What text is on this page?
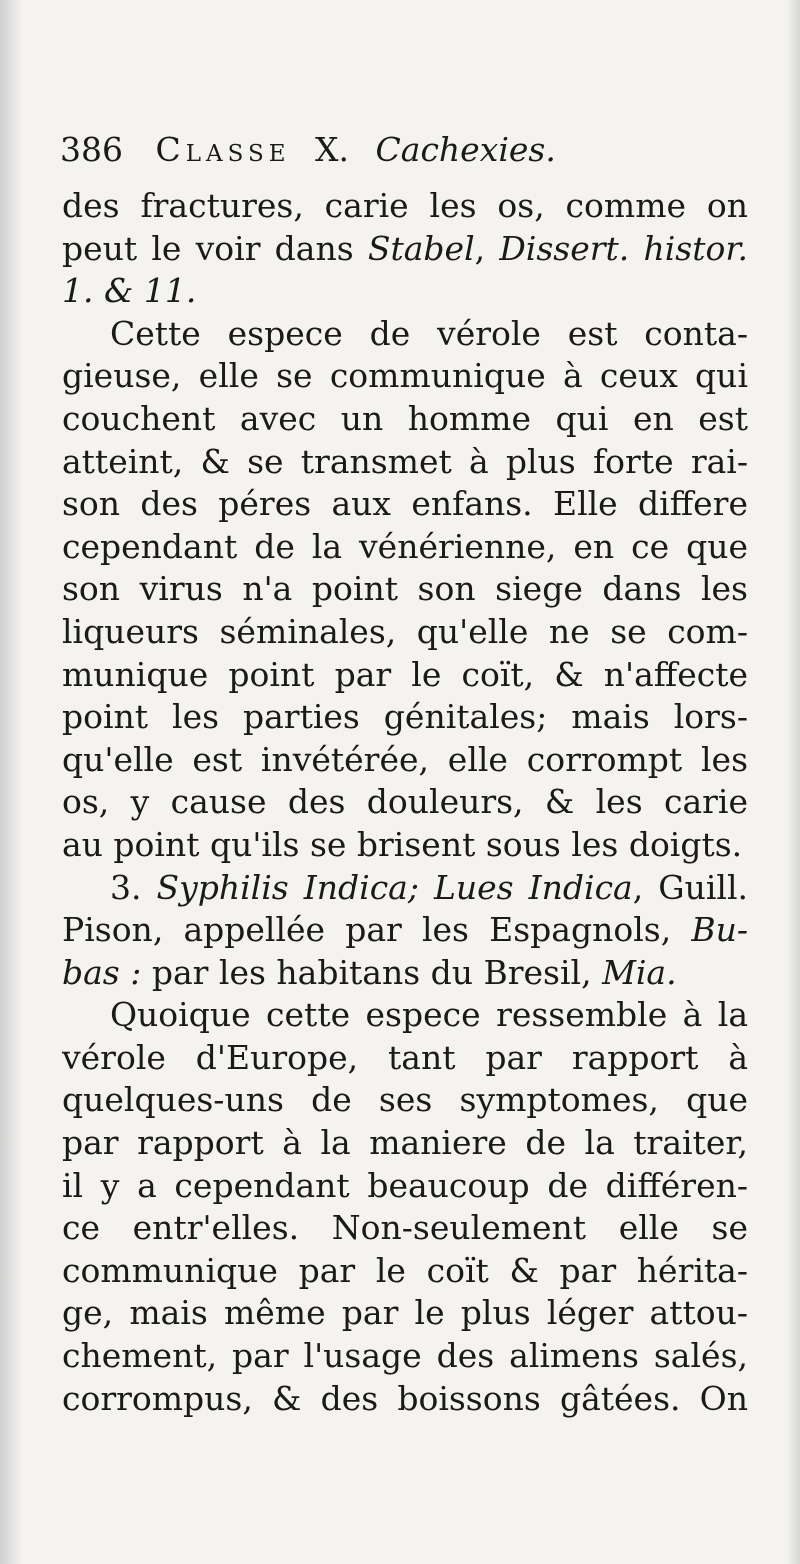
386 Classe X. Cachexies.
des fractures, carie les os, comme on
peut le voir dans Stabel, Dissert. histor.
1. & 11.
Cette espece de vérole est conta-
gieuse, elle se communique à ceux qui
couchent avec un homme qui en est
atteint, & se transmet à plus forte rai-
son des péres aux enfans. Elle differe
cependant de la vénérienne, en ce que
son virus n'a point son siege dans les
liqueurs séminales, qu'elle ne se com-
munique point par le coït, & n'affecte
point les parties génitales; mais lors-
qu'elle est invétérée, elle corrompt les
os, y cause des douleurs, & les carie
au point qu'ils se brisent sous les doigts.
3. Syphilis Indica; Lues Indica, Guill.
Pison, appellée par les Espagnols, Bu-
bas : par les habitans du Bresil, Mia.
Quoique cette espece ressemble à la
vérole d'Europe, tant par rapport à
quelques-uns de ses symptomes, que
par rapport à la maniere de la traiter,
il y a cependant beaucoup de différen-
ce entr'elles. Non-seulement elle se
communique par le coït & par hérita-
ge, mais même par le plus léger attou-
chement, par l'usage des alimens salés,
corrompus, & des boissons gâtées. On
